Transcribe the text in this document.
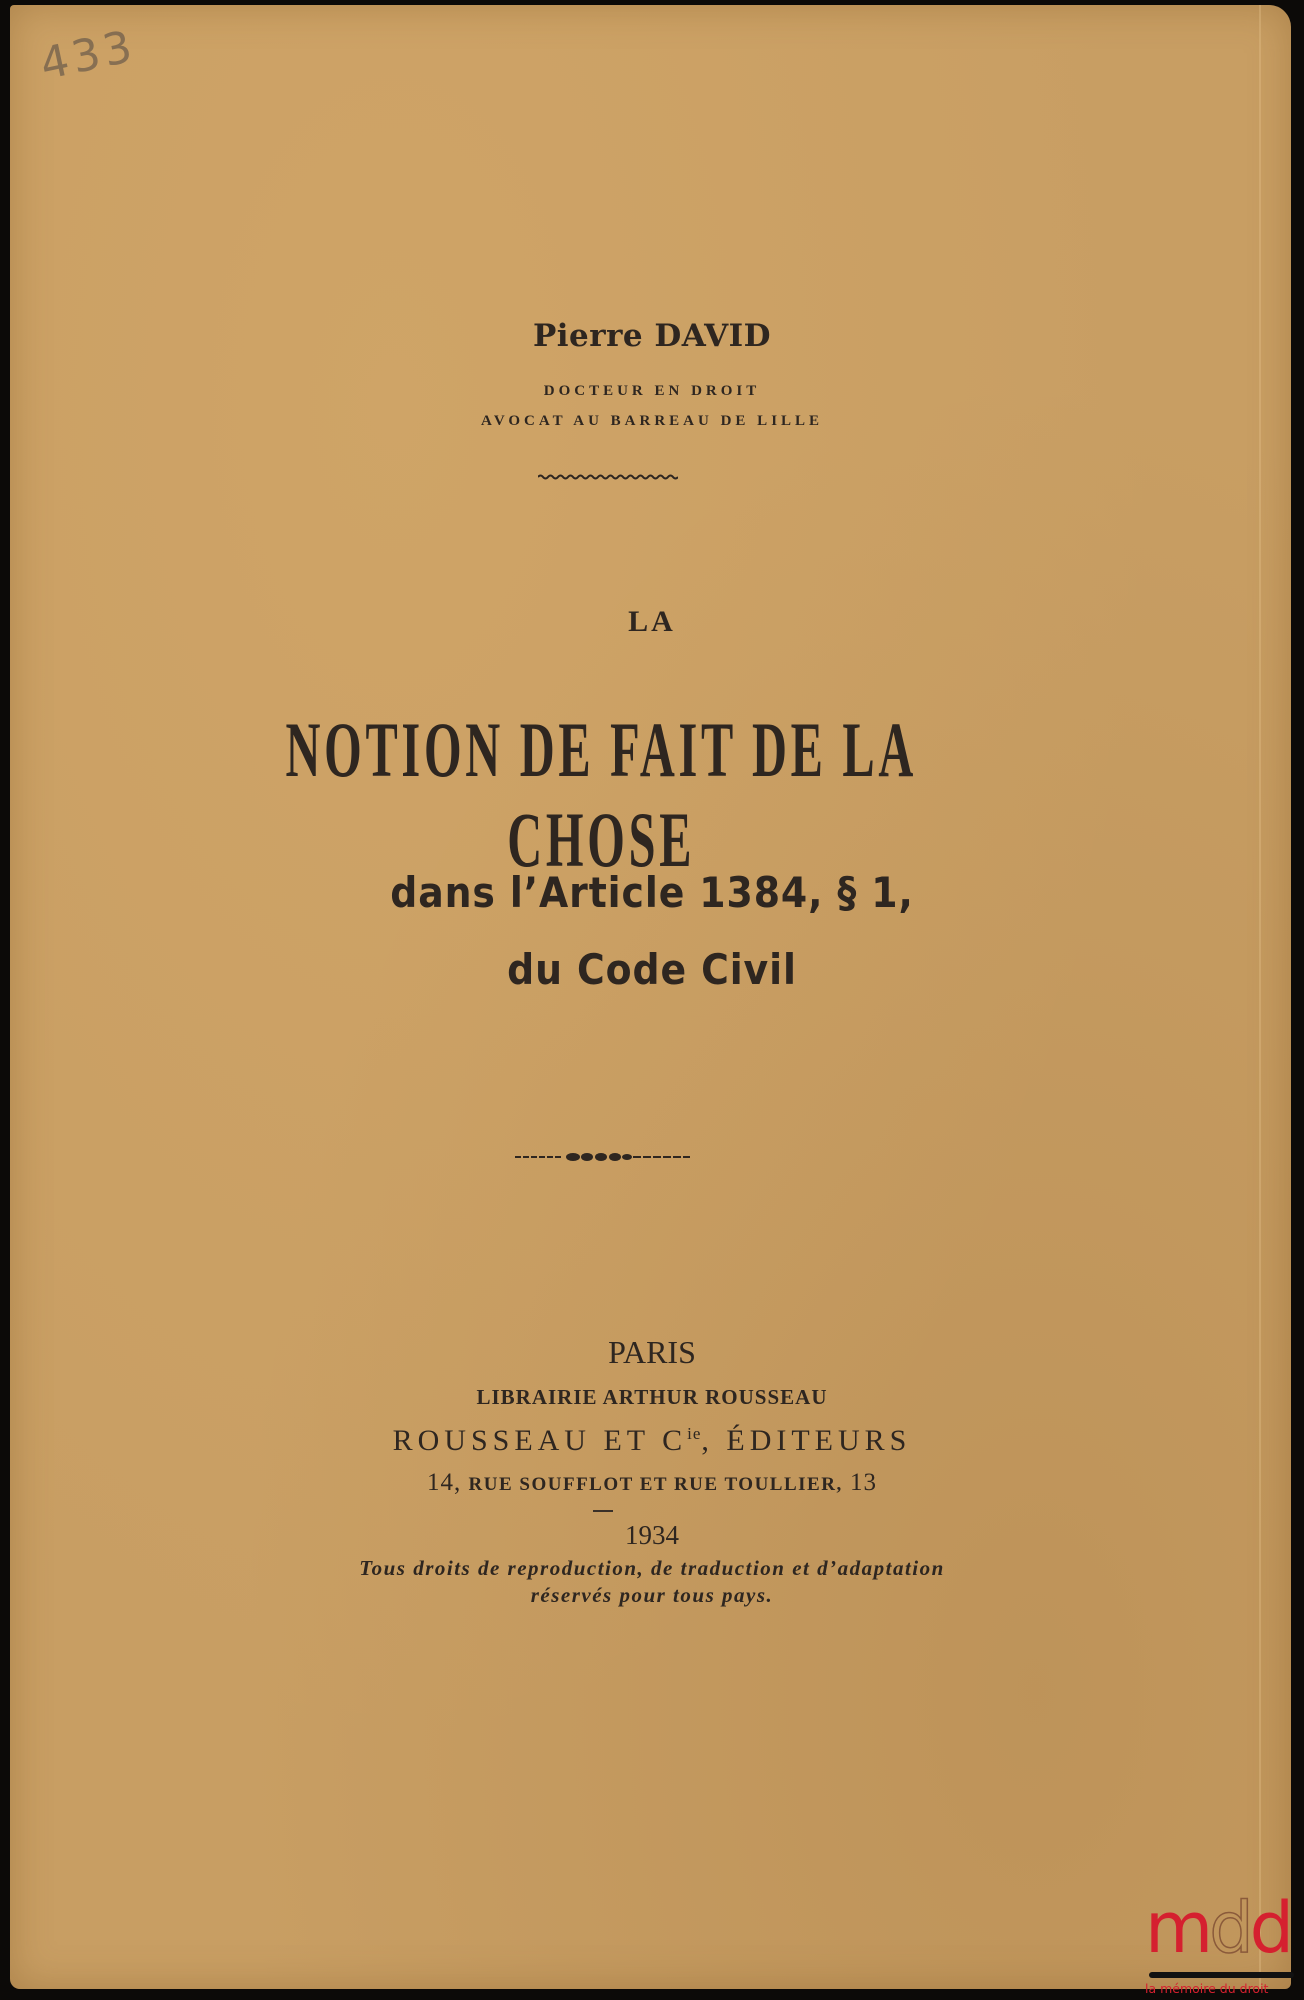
433
Pierre DAVID
DOCTEUR EN DROIT
AVOCAT AU BARREAU DE LILLE
LA
NOTION DE FAIT DE LA CHOSE
dans l’Article 1384, § 1,
du Code Civil
PARIS
LIBRAIRIE ARTHUR ROUSSEAU
ROUSSEAU ET $C^{ie}$, ÉDITEURS
14, RUE SOUFFLOT ET RUE TOULLIER, 13
1934
Tous droits de reproduction, de traduction et d’adaptation
réservés pour tous pays.
mdd
la mémoire du droit
